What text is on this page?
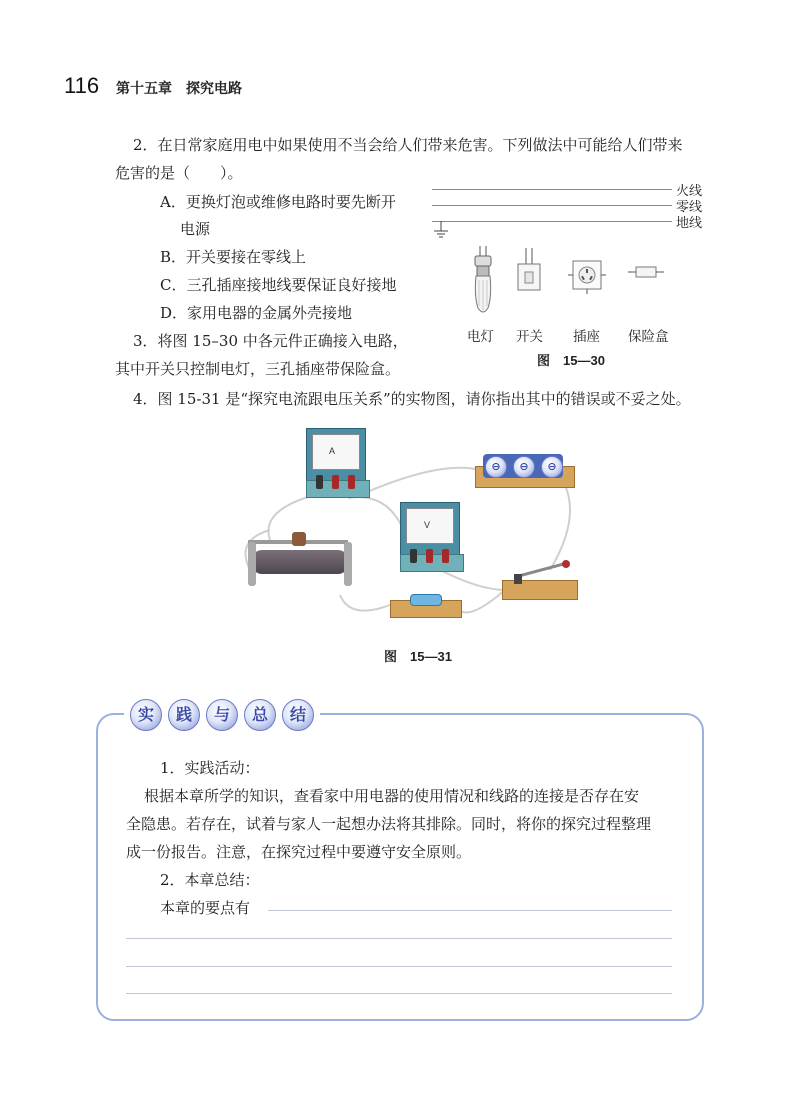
116 第十五章　探究电路
2．在日常家庭用电中如果使用不当会给人们带来危害。下列做法中可能给人们带来
危害的是（　　）。
A．更换灯泡或维修电路时要先断开
电源
B．开关要接在零线上
C．三孔插座接地线要保证良好接地
D．家用电器的金属外壳接地
3．将图 15–30 中各元件正确接入电路，
其中开关只控制电灯，三孔插座带保险盒。
火线
零线
地线
电灯 开关 插座 保险盒
图　15—30
4．图 15-31 是“探究电流跟电压关系”的实物图，请你指出其中的错误或不妥之处。
A
⊖ ⊖ ⊖
V
图　15—31
实	践	与	总	结
1．实践活动：
根据本章所学的知识，查看家中用电器的使用情况和线路的连接是否存在安
全隐患。若存在，试着与家人一起想办法将其排除。同时，将你的探究过程整理
成一份报告。注意，在探究过程中要遵守安全原则。
2．本章总结：
本章的要点有
